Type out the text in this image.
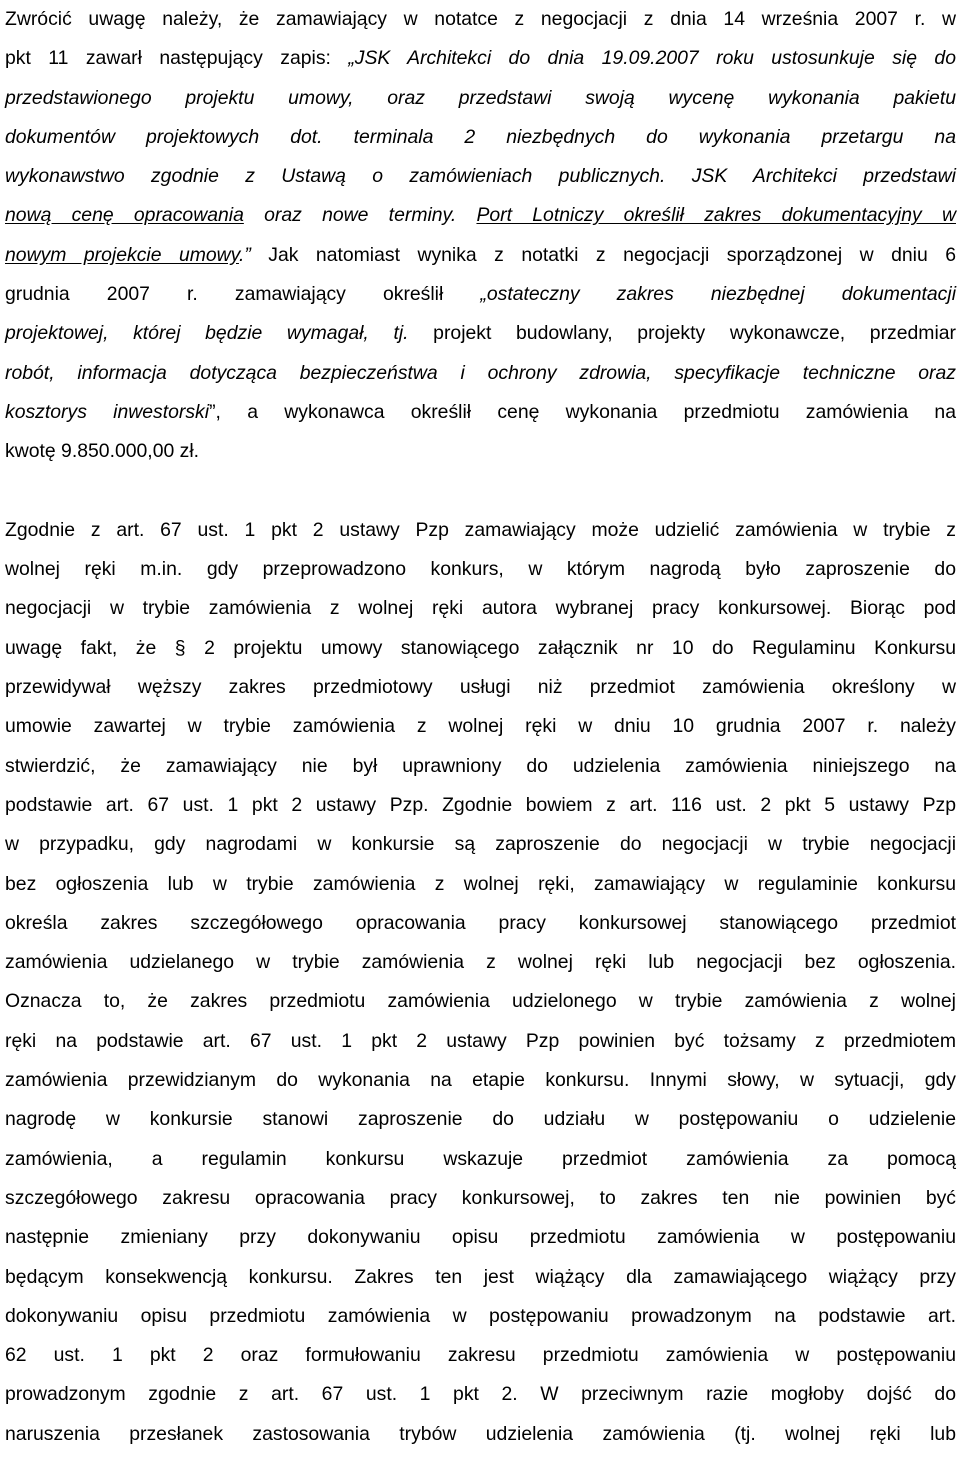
Zwrócić uwagę należy, że zamawiający w notatce z negocjacji z dnia 14 września 2007 r. w
pkt 11 zawarł następujący zapis: „JSK Architekci do dnia 19.09.2007 roku ustosunkuje się do
przedstawionego projektu umowy, oraz przedstawi swoją wycenę wykonania pakietu
dokumentów projektowych dot. terminala 2 niezbędnych do wykonania przetargu na
wykonawstwo zgodnie z Ustawą o zamówieniach publicznych. JSK Architekci przedstawi
nową cenę opracowania oraz nowe terminy. Port Lotniczy określił zakres dokumentacyjny w
nowym projekcie umowy.” Jak natomiast wynika z notatki z negocjacji sporządzonej w dniu 6
grudnia 2007 r. zamawiający określił „ostateczny zakres niezbędnej dokumentacji
projektowej, której będzie wymagał, tj. projekt budowlany, projekty wykonawcze, przedmiar
robót, informacja dotycząca bezpieczeństwa i ochrony zdrowia, specyfikacje techniczne oraz
kosztorys inwestorski”, a wykonawca określił cenę wykonania przedmiotu zamówienia na
kwotę 9.850.000,00 zł.

Zgodnie z art. 67 ust. 1 pkt 2 ustawy Pzp zamawiający może udzielić zamówienia w trybie z
wolnej ręki m.in. gdy przeprowadzono konkurs, w którym nagrodą było zaproszenie do
negocjacji w trybie zamówienia z wolnej ręki autora wybranej pracy konkursowej. Biorąc pod
uwagę fakt, że § 2 projektu umowy stanowiącego załącznik nr 10 do Regulaminu Konkursu
przewidywał węższy zakres przedmiotowy usługi niż przedmiot zamówienia określony w
umowie zawartej w trybie zamówienia z wolnej ręki w dniu 10 grudnia 2007 r. należy
stwierdzić, że zamawiający nie był uprawniony do udzielenia zamówienia niniejszego na
podstawie art. 67 ust. 1 pkt 2 ustawy Pzp. Zgodnie bowiem z art. 116 ust. 2 pkt 5 ustawy Pzp
w przypadku, gdy nagrodami w konkursie są zaproszenie do negocjacji w trybie negocjacji
bez ogłoszenia lub w trybie zamówienia z wolnej ręki, zamawiający w regulaminie konkursu
określa zakres szczegółowego opracowania pracy konkursowej stanowiącego przedmiot
zamówienia udzielanego w trybie zamówienia z wolnej ręki lub negocjacji bez ogłoszenia.
Oznacza to, że zakres przedmiotu zamówienia udzielonego w trybie zamówienia z wolnej
ręki na podstawie art. 67 ust. 1 pkt 2 ustawy Pzp powinien być tożsamy z przedmiotem
zamówienia przewidzianym do wykonania na etapie konkursu. Innymi słowy, w sytuacji, gdy
nagrodę w konkursie stanowi zaproszenie do udziału w postępowaniu o udzielenie
zamówienia, a regulamin konkursu wskazuje przedmiot zamówienia za pomocą
szczegółowego zakresu opracowania pracy konkursowej, to zakres ten nie powinien być
następnie zmieniany przy dokonywaniu opisu przedmiotu zamówienia w postępowaniu
będącym konsekwencją konkursu. Zakres ten jest wiążący dla zamawiającego wiążący przy
dokonywaniu opisu przedmiotu zamówienia w postępowaniu prowadzonym na podstawie art.
62 ust. 1 pkt 2 oraz formułowaniu zakresu przedmiotu zamówienia w postępowaniu
prowadzonym zgodnie z art. 67 ust. 1 pkt 2. W przeciwnym razie mogłoby dojść do
naruszenia przesłanek zastosowania trybów udzielenia zamówienia (tj. wolnej ręki lub
